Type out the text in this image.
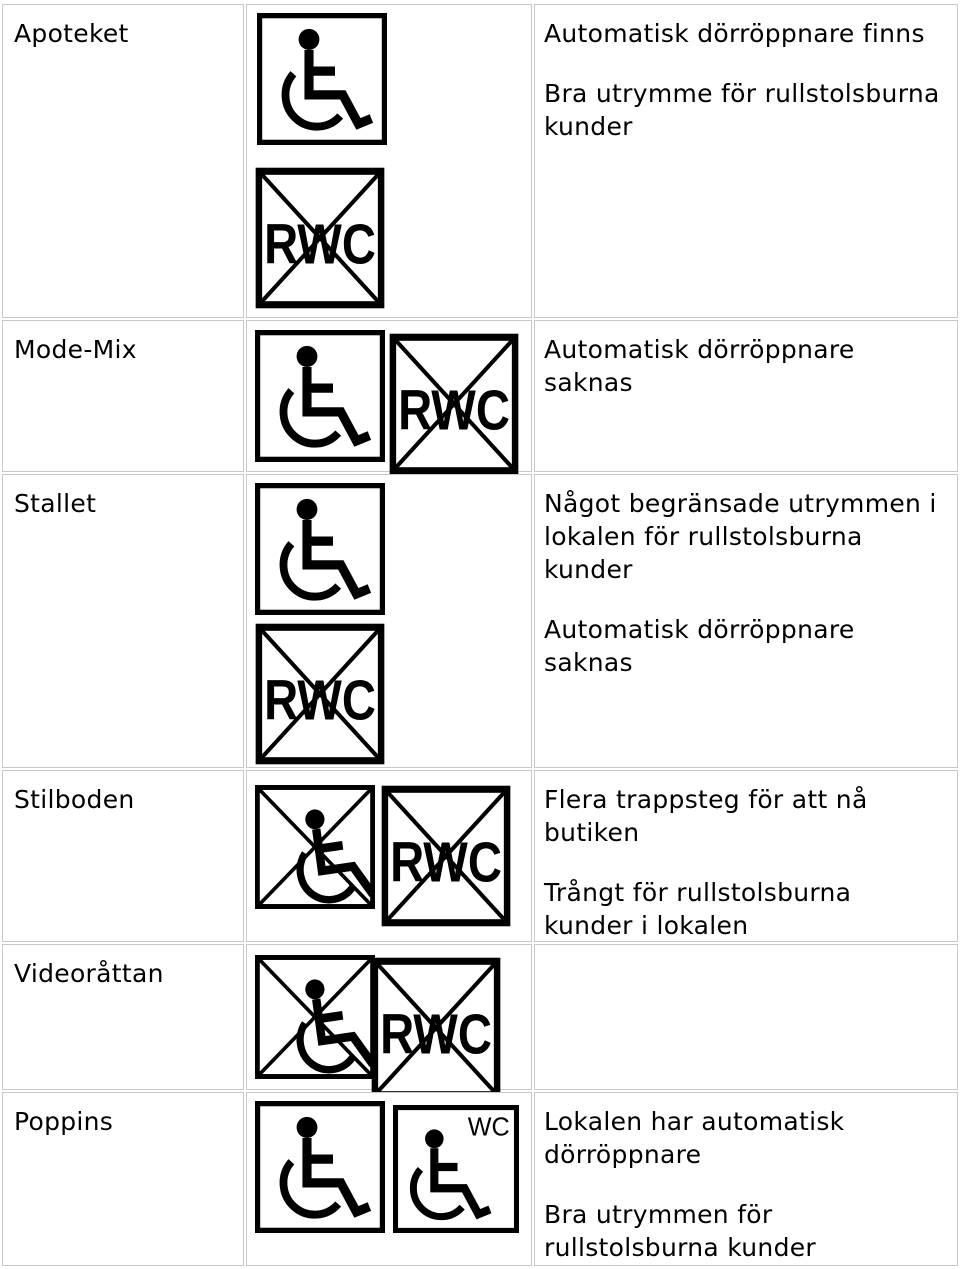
Apoteket
RWC

Automatisk dörröppnare finns

Bra utrymme för rullstolsburna kunder

Mode-Mix
RWC

Automatisk dörröppnare saknas

Stallet
RWC

Något begränsade utrymmen i lokalen för rullstolsburna kunder

Automatisk dörröppnare saknas

Stilboden
RWC

Flera trappsteg för att nå butiken

Trångt för rullstolsburna kunder i lokalen

Videoråttan
RWC
Poppins	WC Lokalen har automatisk dörröppnare

Bra utrymmen för rullstolsburna kunder
